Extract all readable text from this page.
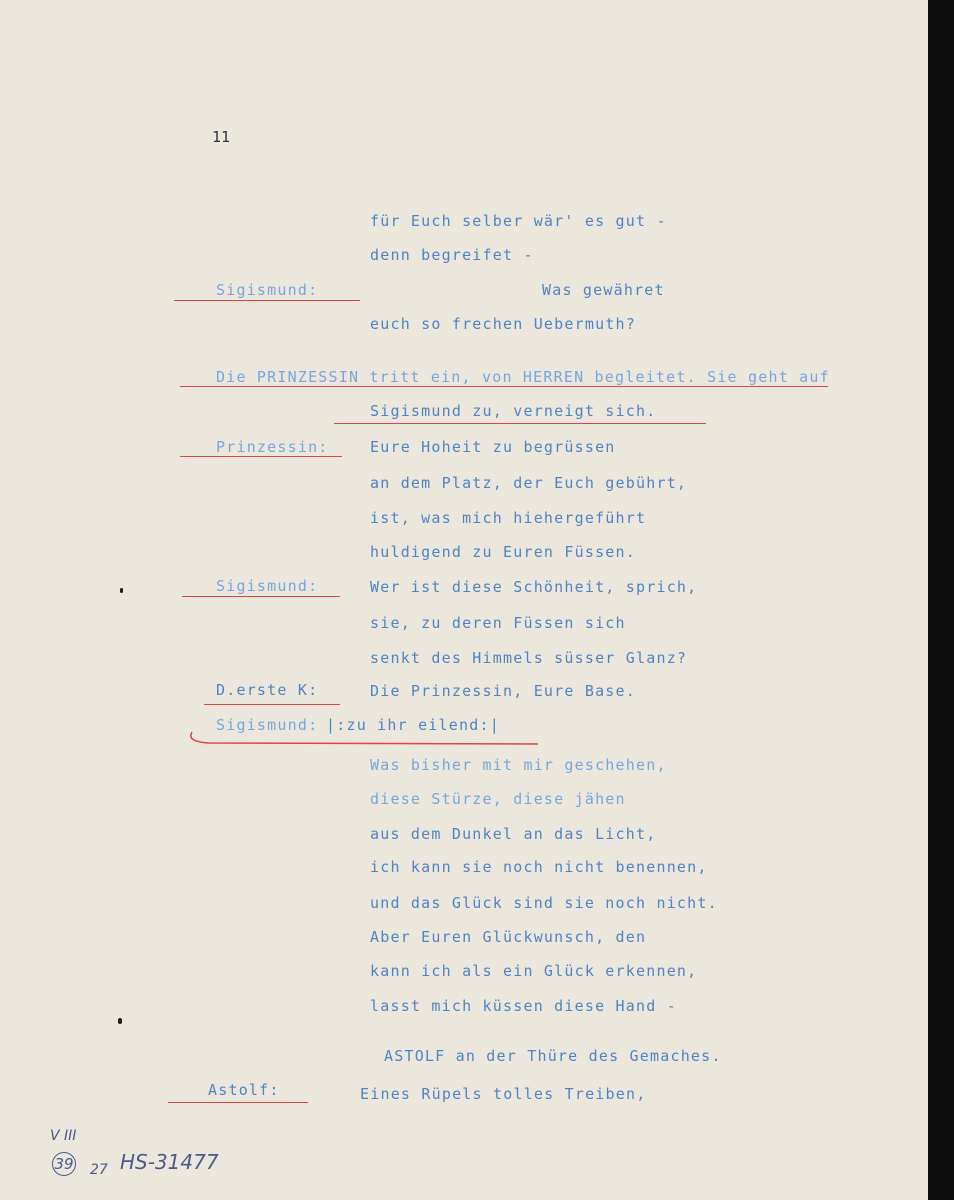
11
für Euch selber wär' es gut -
denn begreifet -
Sigismund:	Was gewähret
euch so frechen Uebermuth?
Die PRINZESSIN tritt ein, von HERREN begleitet. Sie geht auf
Sigismund zu, verneigt sich.
Prinzessin:	Eure Hoheit zu begrüssen
an dem Platz, der Euch gebührt,
ist, was mich hiehergeführt
huldigend zu Euren Füssen.
Sigismund:	Wer ist diese Schönheit, sprich,
sie, zu deren Füssen sich
senkt des Himmels süsser Glanz?
D.erste K:	Die Prinzessin, Eure Base.
Sigismund: |:zu ihr eilend:|
Was bisher mit mir geschehen,
diese Stürze, diese jähen
aus dem Dunkel an das Licht,
ich kann sie noch nicht benennen,
und das Glück sind sie noch nicht.
Aber Euren Glückwunsch, den
kann ich als ein Glück erkennen,
lasst mich küssen diese Hand -
ASTOLF an der Thüre des Gemaches.
Astolf:	Eines Rüpels tolles Treiben,
V III
39 27 HS-31477
